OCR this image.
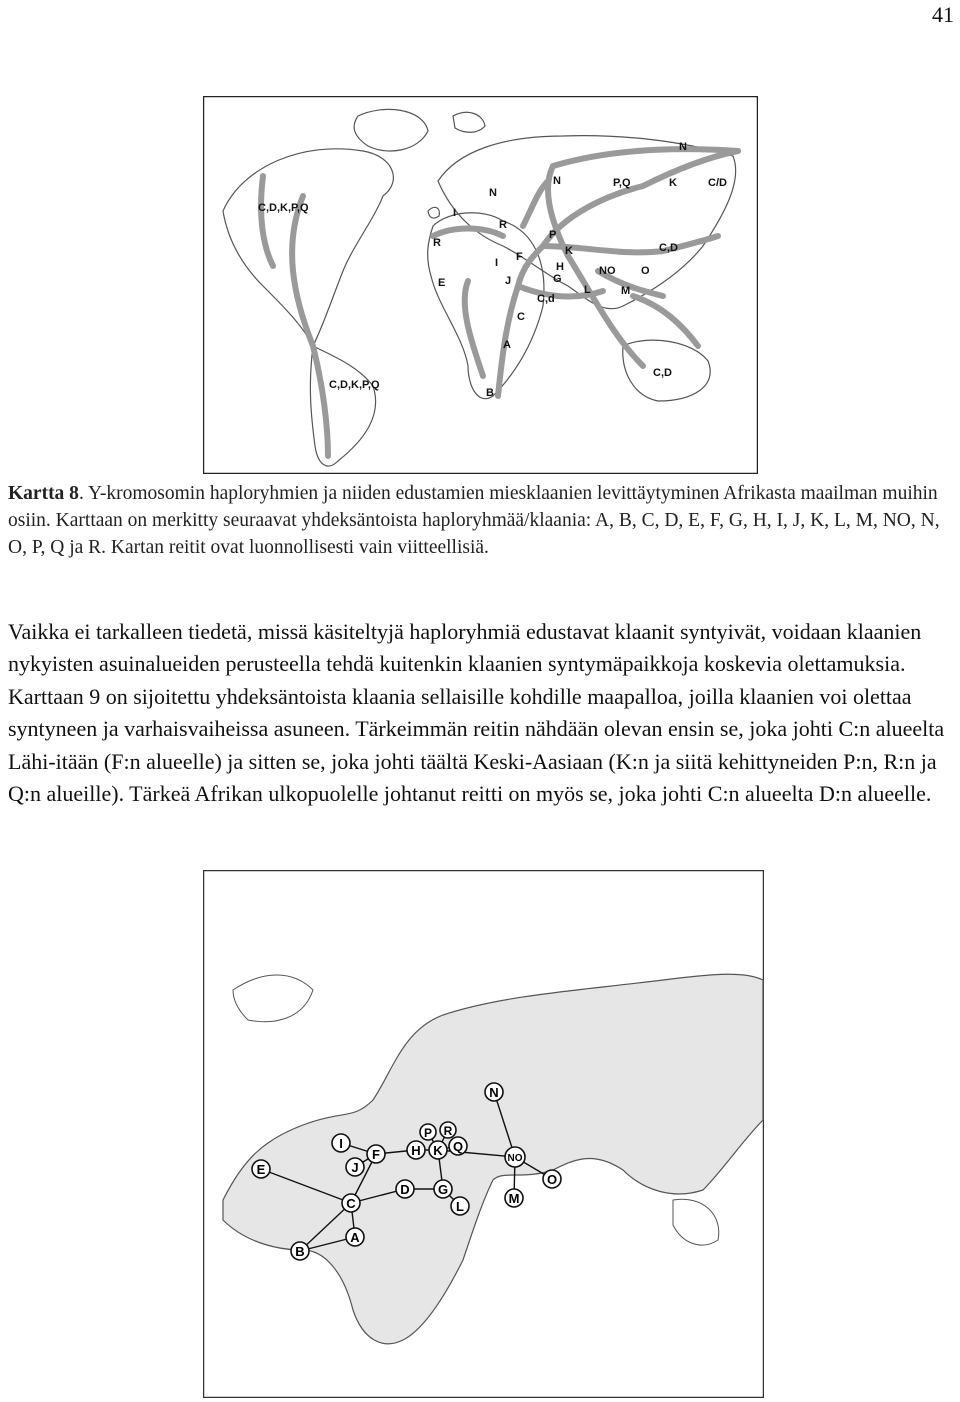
41
C,D,K,P,Q
C,D,K,P,Q
N
N
N
I
R
R
P,Q	K	C/D
P
K	C,D
I F
H	NO O
E	J	G
L	M
C,d
C
A
B
C,D
Kartta 8. Y-kromosomin haploryhmien ja niiden edustamien miesklaanien levittäytyminen Afrikasta maailman muihin osiin. Karttaan on merkitty seuraavat yhdeksäntoista haploryhmää/klaania: A, B, C, D, E, F, G, H, I, J, K, L, M, NO, N, O, P, Q ja R. Kartan reitit ovat luonnollisesti vain viitteellisiä.
Vaikka ei tarkalleen tiedetä, missä käsiteltyjä haploryhmiä edustavat klaanit syntyivät, voidaan klaanien nykyisten asuinalueiden perusteella tehdä kuitenkin klaanien syntymäpaikkoja koskevia olettamuksia. Karttaan 9 on sijoitettu yhdeksäntoista klaania sellaisille kohdille maapalloa, joilla klaanien voi olettaa syntyneen ja varhaisvaiheissa asuneen. Tärkeimmän reitin nähdään olevan ensin se, joka johti C:n alueelta Lähi-itään (F:n alueelle) ja sitten se, joka johti täältä Keski-Aasiaan (K:n ja siitä kehittyneiden P:n, R:n ja Q:n alueille). Tärkeä Afrikan ulkopuolelle johtanut reitti on myös se, joka johti C:n alueelta D:n alueelle.
N
P R
I
F H K Q
NO
E	J
O
D G
C	M
L
A
B
